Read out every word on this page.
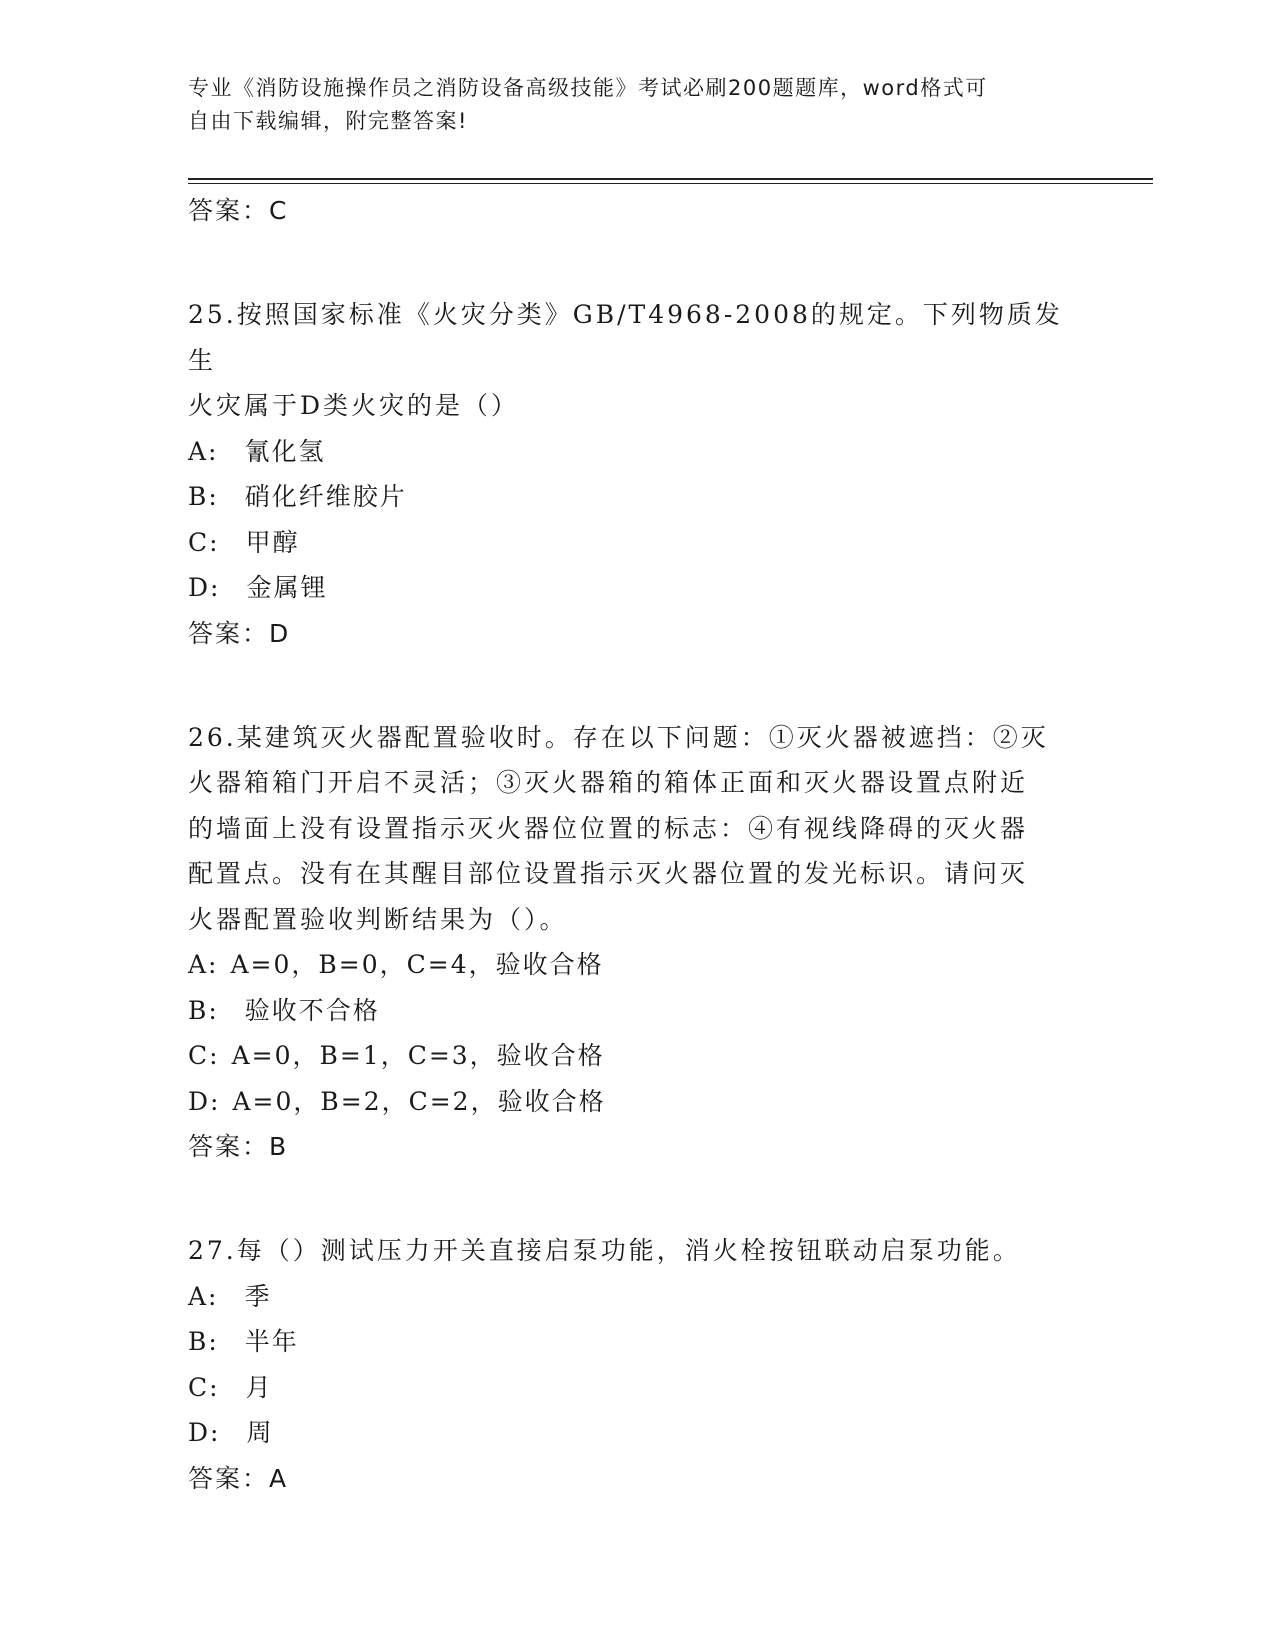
专业《消防设施操作员之消防设备高级技能》考试必刷200题题库，word格式可
自由下载编辑，附完整答案!

答案：C

25.按照国家标准《火灾分类》GB/T4968-2008的规定。下列物质发生

火灾属于D类火灾的是（）

A: 氰化氢

B: 硝化纤维胶片

C: 甲醇

D: 金属锂

答案：D

26.某建筑灭火器配置验收时。存在以下问题：①灭火器被遮挡：②灭

火器箱箱门开启不灵活；③灭火器箱的箱体正面和灭火器设置点附近

的墙面上没有设置指示灭火器位位置的标志：④有视线降碍的灭火器

配置点。没有在其醒目部位设置指示灭火器位置的发光标识。请问灭

火器配置验收判断结果为（）。

A: A=0，B=0，C=4，验收合格

B: 验收不合格

C: A=0，B=1，C=3，验收合格

D: A=0，B=2，C=2，验收合格

答案：B

27.每（）测试压力开关直接启泵功能，消火栓按钮联动启泵功能。

A: 季

B: 半年

C: 月

D: 周

答案：A
